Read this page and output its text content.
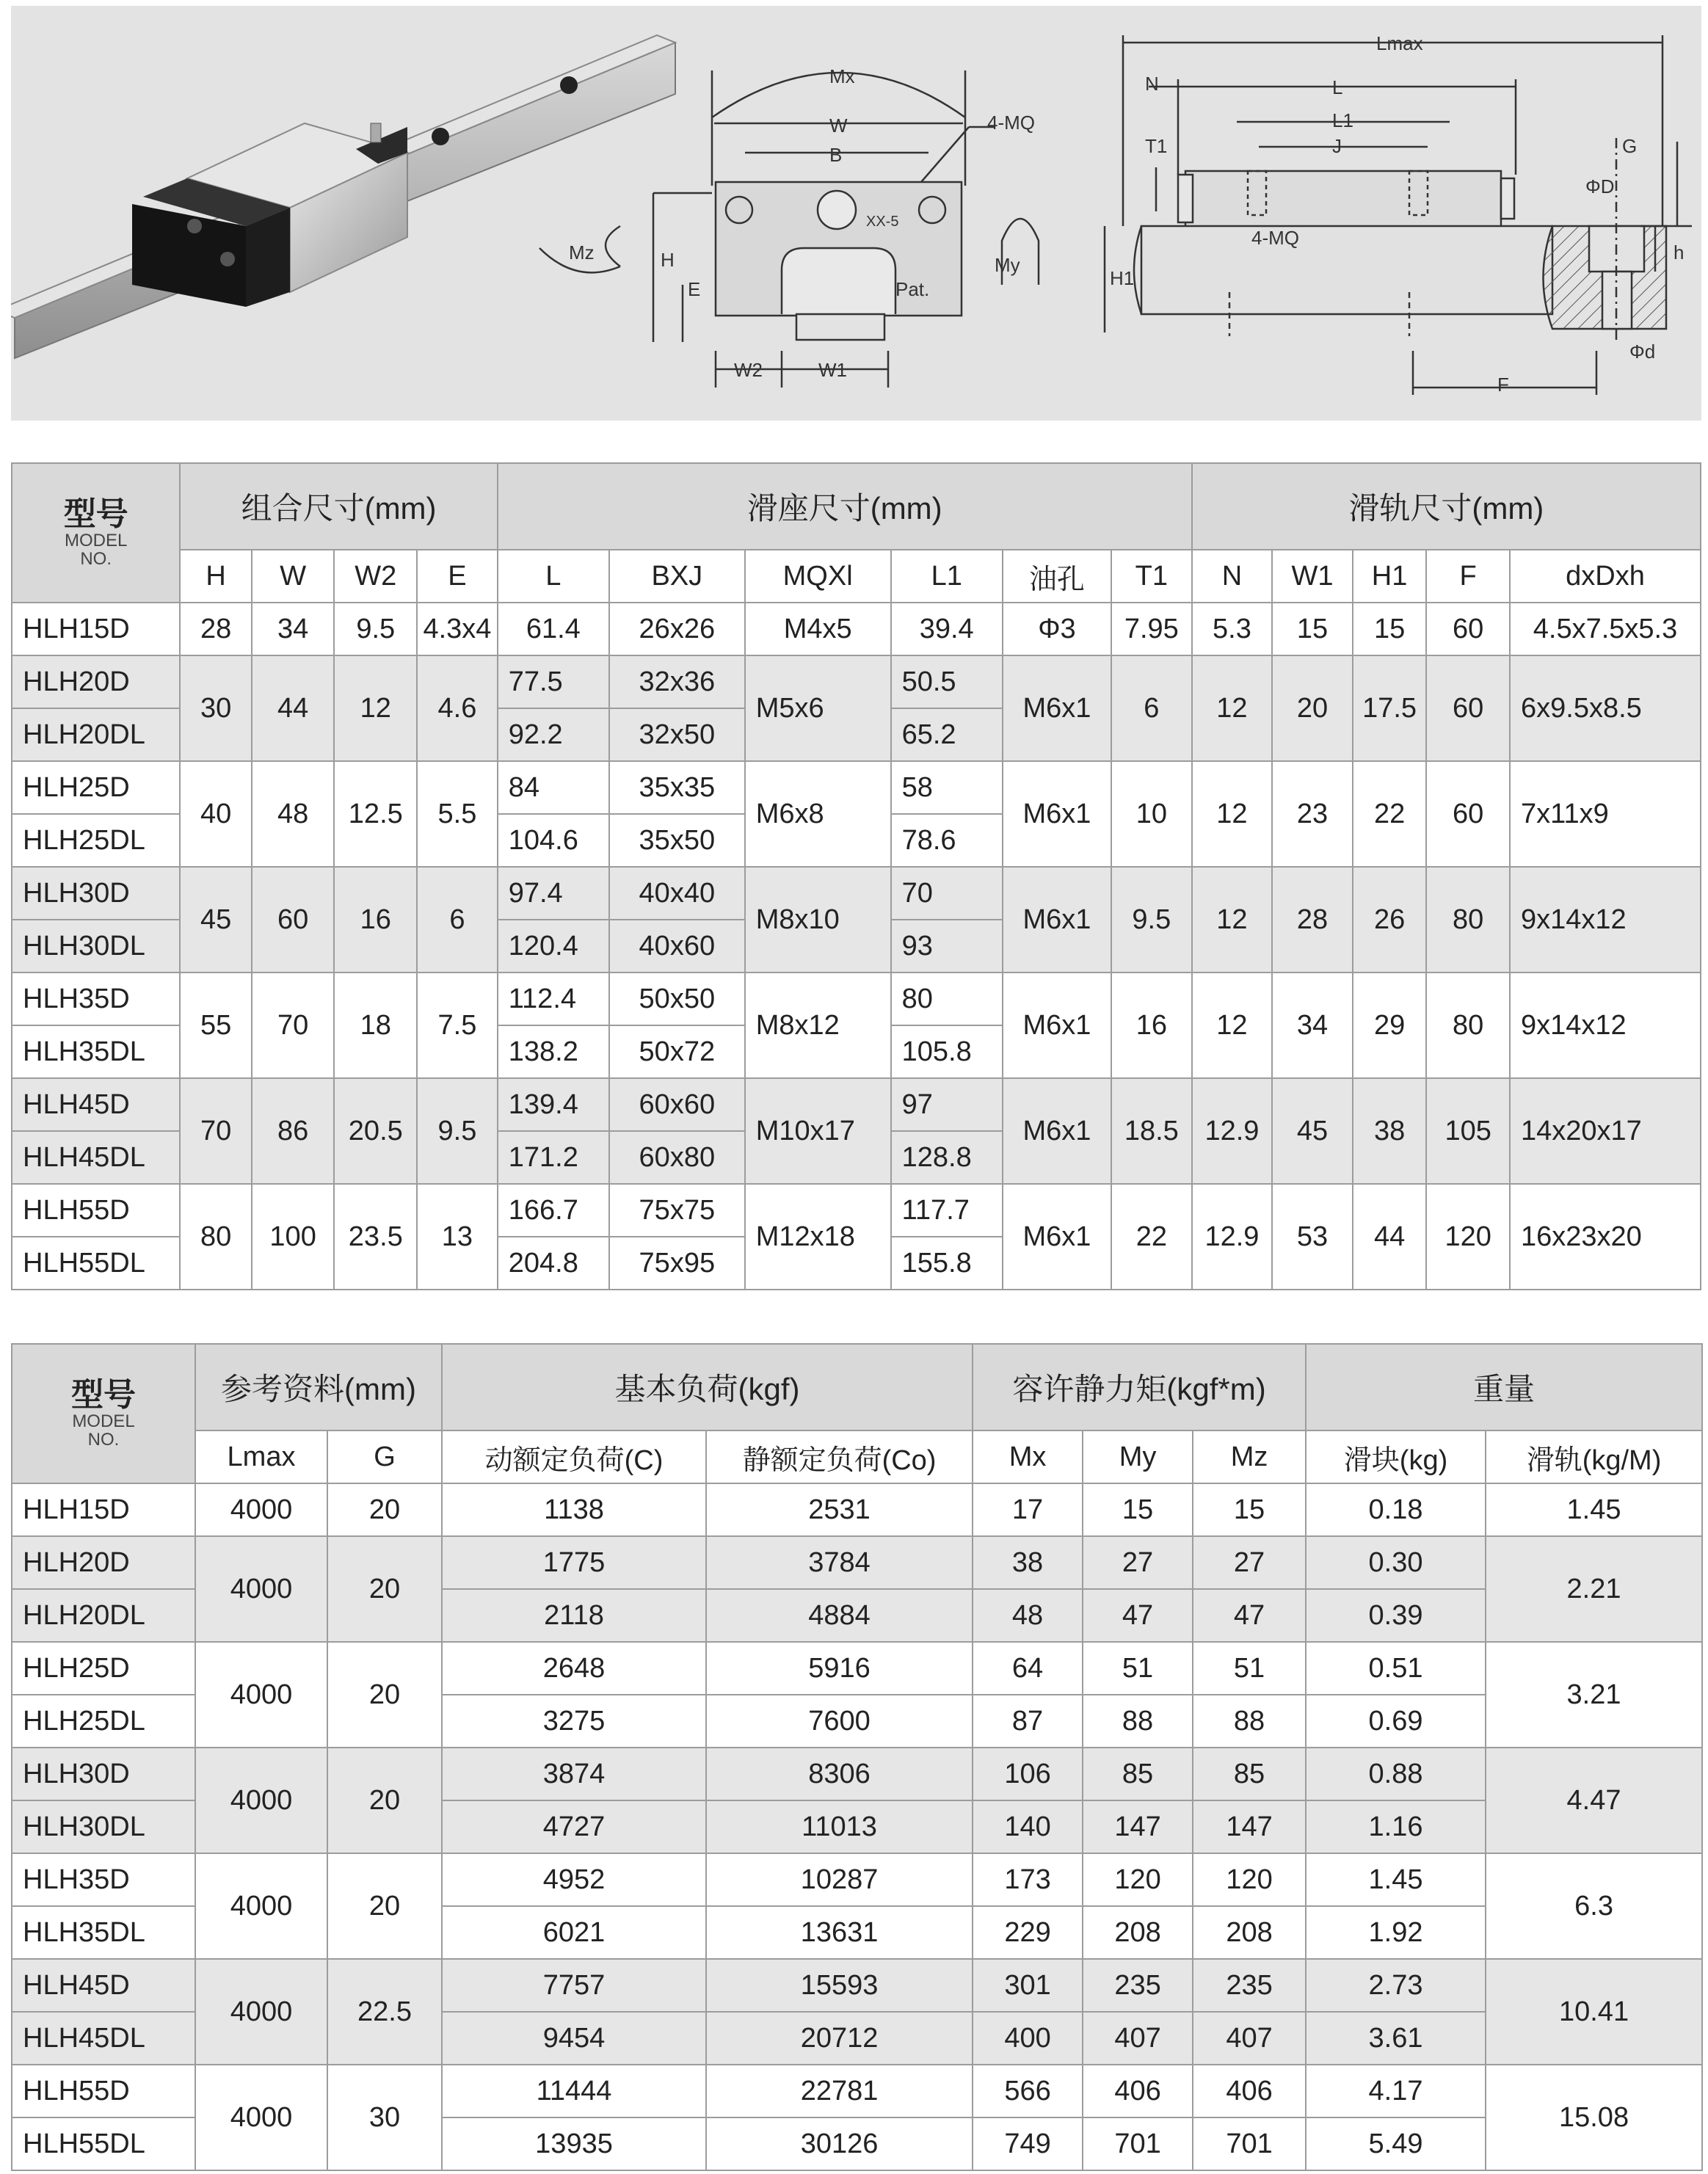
Mx
W
B
4-MQ
XX-5
Mz	H
E	Pat.
My
W2	W1
Lmax
N	L
L1
J
T1	G
ΦD
4-MQ
H1
h
Φd
F
型号
MODEL
NO.	组合尺寸(mm)				滑座尺寸(mm)						滑轨尺寸(mm)				
	H	W	W2	E	L	BXJ	MQXl	L1	油孔	T1	N	W1	H1	F	dxDxh
HLH15D	28	34	9.5	4.3x4	61.4	26x26	M4x5	39.4	Φ3	7.95	5.3	15	15	60	4.5x7.5x5.3
HLH20D	30	44	12	4.6	77.5	32x36	M5x6	50.5	M6x1	6	12	20	17.5	60	6x9.5x8.5
HLH20DL					92.2	32x50		65.2							
HLH25D	40	48	12.5	5.5	84	35x35	M6x8	58	M6x1	10	12	23	22	60	7x11x9
HLH25DL					104.6	35x50		78.6							
HLH30D	45	60	16	6	97.4	40x40	M8x10	70	M6x1	9.5	12	28	26	80	9x14x12
HLH30DL					120.4	40x60		93							
HLH35D	55	70	18	7.5	112.4	50x50	M8x12	80	M6x1	16	12	34	29	80	9x14x12
HLH35DL					138.2	50x72		105.8							
HLH45D	70	86	20.5	9.5	139.4	60x60	M10x17	97	M6x1	18.5	12.9	45	38	105	14x20x17
HLH45DL					171.2	60x80		128.8							
HLH55D	80	100	23.5	13	166.7	75x75	M12x18	117.7	M6x1	22	12.9	53	44	120	16x23x20
HLH55DL					204.8	75x95		155.8							
型号
MODEL
NO.	参考资料(mm)		基本负荷(kgf)		容许静力矩(kgf*m)			重量	
	Lmax	G	动额定负荷(C)	静额定负荷(Co)	Mx	My	Mz	滑块(kg)	滑轨(kg/M)
HLH15D	4000	20	1138	2531	17	15	15	0.18	1.45
HLH20D	4000	20	1775	3784	38	27	27	0.30	2.21
HLH20DL			2118	4884	48	47	47	0.39	
HLH25D	4000	20	2648	5916	64	51	51	0.51	3.21
HLH25DL			3275	7600	87	88	88	0.69	
HLH30D	4000	20	3874	8306	106	85	85	0.88	4.47
HLH30DL			4727	11013	140	147	147	1.16	
HLH35D	4000	20	4952	10287	173	120	120	1.45	6.3
HLH35DL			6021	13631	229	208	208	1.92	
HLH45D	4000	22.5	7757	15593	301	235	235	2.73	10.41
HLH45DL			9454	20712	400	407	407	3.61	
HLH55D	4000	30	11444	22781	566	406	406	4.17	15.08
HLH55DL			13935	30126	749	701	701	5.49	
